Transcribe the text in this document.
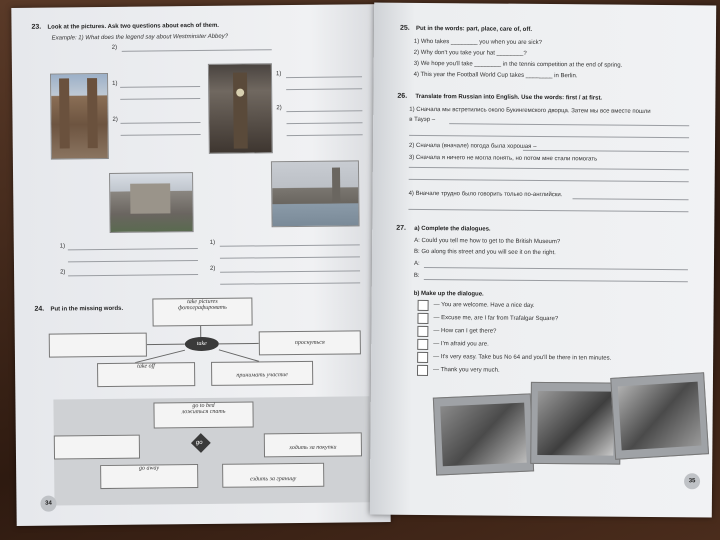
23. Look at the pictures. Ask two questions about each of them.
Example: 1) What does the legend say about Westminster Abbey?
2)
1)
2)
1)
2)
1)
2)
1)
2)
24. Put in the missing words.
take pictures
фотографировать
take	проснуться
take off
принимать участие
go to bed
ложиться спать
go
ходить за покупки
go away
ездить за границу
34
25. Put in the words: part, place, care of, off.
1) Who takes ________ you when you are sick?
2) Why don't you take your hat ________?
3) We hope you'll take ________ in the tennis competition at the end of spring.
4) This year the Football World Cup takes ________ in Berlin.
26. Translate from Russian into English. Use the words: first / at first.
1) Сначала мы встретились около Букингемского дворца. Затем мы все вместе пошли
в Тауэр –
2) Сначала (вначале) погода была хорошая –
3) Сначала я ничего не могла понять, но потом мне стали помогать
4) Вначале трудно было говорить только по-английски.
27. a) Complete the dialogues.
A: Could you tell me how to get to the British Museum?
B: Go along this street and you will see it on the right.
A:
B:
b) Make up the dialogue.
— You are welcome. Have a nice day.
— Excuse me, are I far from Trafalgar Square?
— How can I get there?
— I'm afraid you are.
— It's very easy. Take bus No 64 and you'll be there in ten minutes.
— Thank you very much.
35
